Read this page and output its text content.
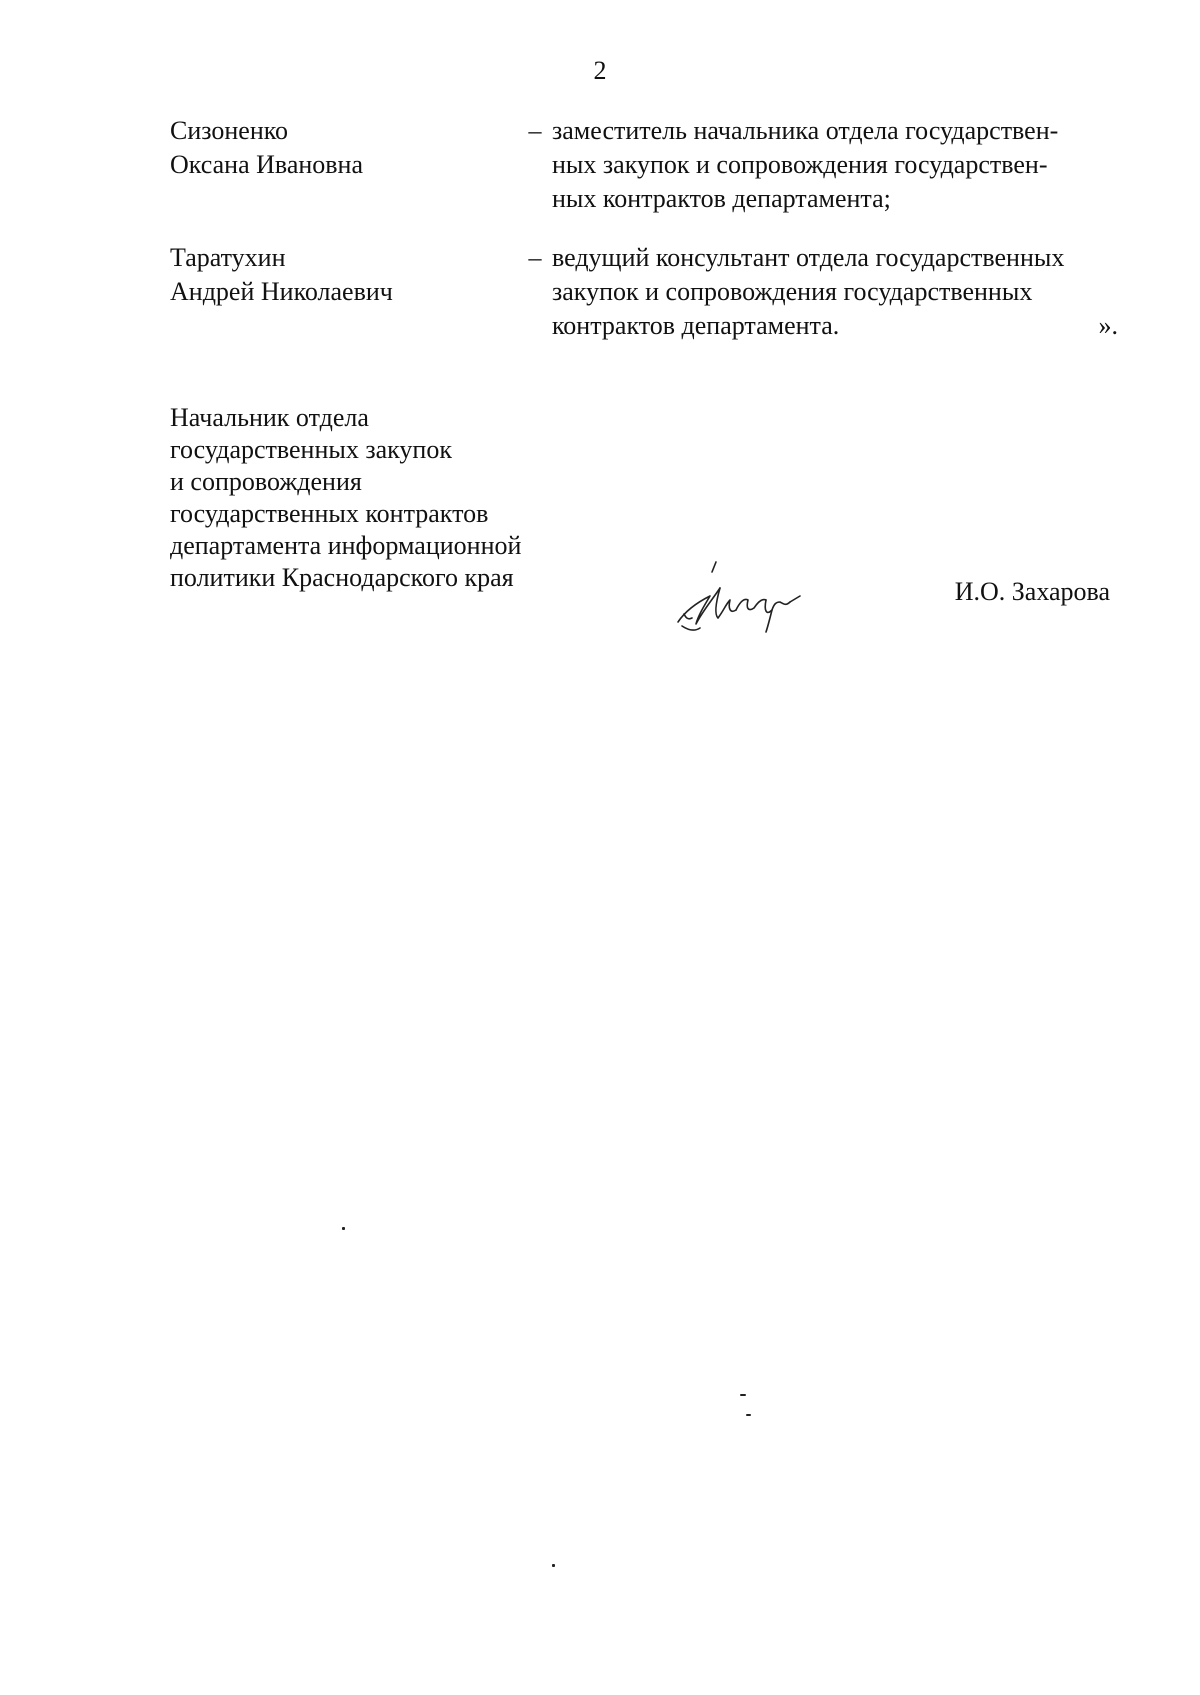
2
Сизоненко
Оксана Ивановна
– заместитель начальника отдела государствен-
ных закупок и сопровождения государствен-
ных контрактов департамента;
Таратухин
Андрей Николаевич
– ведущий консультант отдела государственных
закупок и сопровождения государственных
контрактов департамента.	».
Начальник отдела
государственных закупок
и сопровождения
государственных контрактов
департамента информационной
политики Краснодарского края	И.О. Захарова
